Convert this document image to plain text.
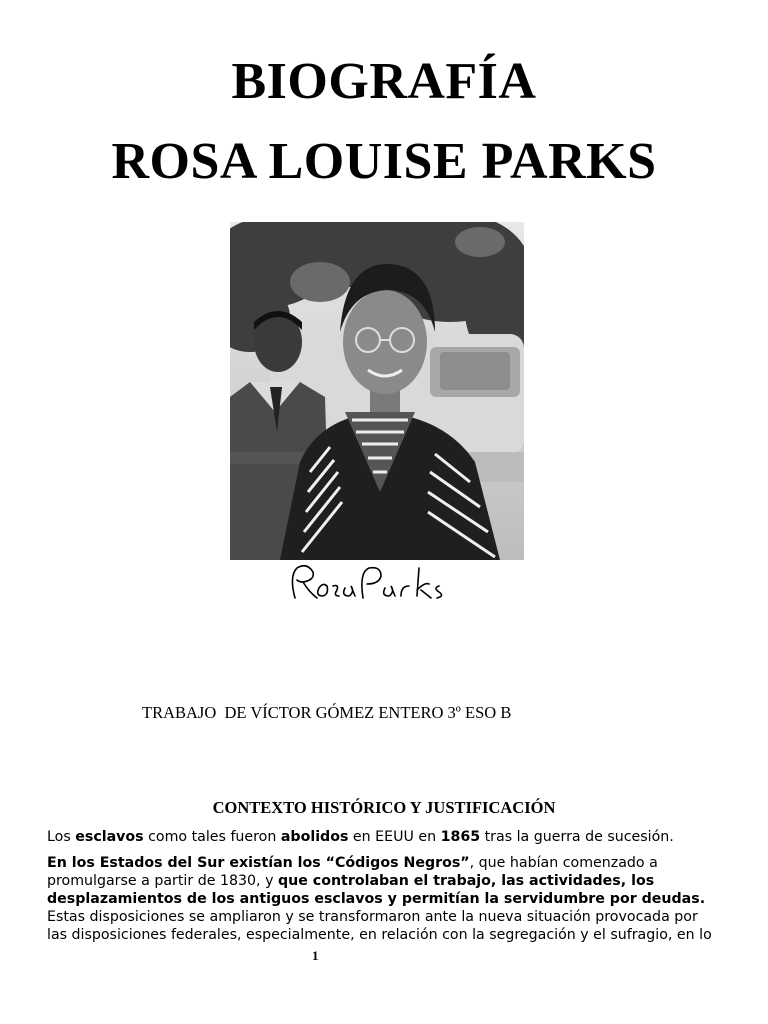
BIOGRAFÍA
ROSA LOUISE PARKS
TRABAJO  DE VÍCTOR GÓMEZ ENTERO 3º ESO B
CONTEXTO HISTÓRICO Y JUSTIFICACIÓN
Los esclavos como tales fueron abolidos en EEUU en 1865 tras la guerra de sucesión.
En los Estados del Sur existían los “Códigos Negros”, que habían comenzado a
promulgarse a partir de 1830, y que controlaban el trabajo, las actividades, los
desplazamientos de los antiguos esclavos y permitían la servidumbre por deudas.
Estas disposiciones se ampliaron y se transformaron ante la nueva situación provocada por
las disposiciones federales, especialmente, en relación con la segregación y el sufragio, en lo
1
